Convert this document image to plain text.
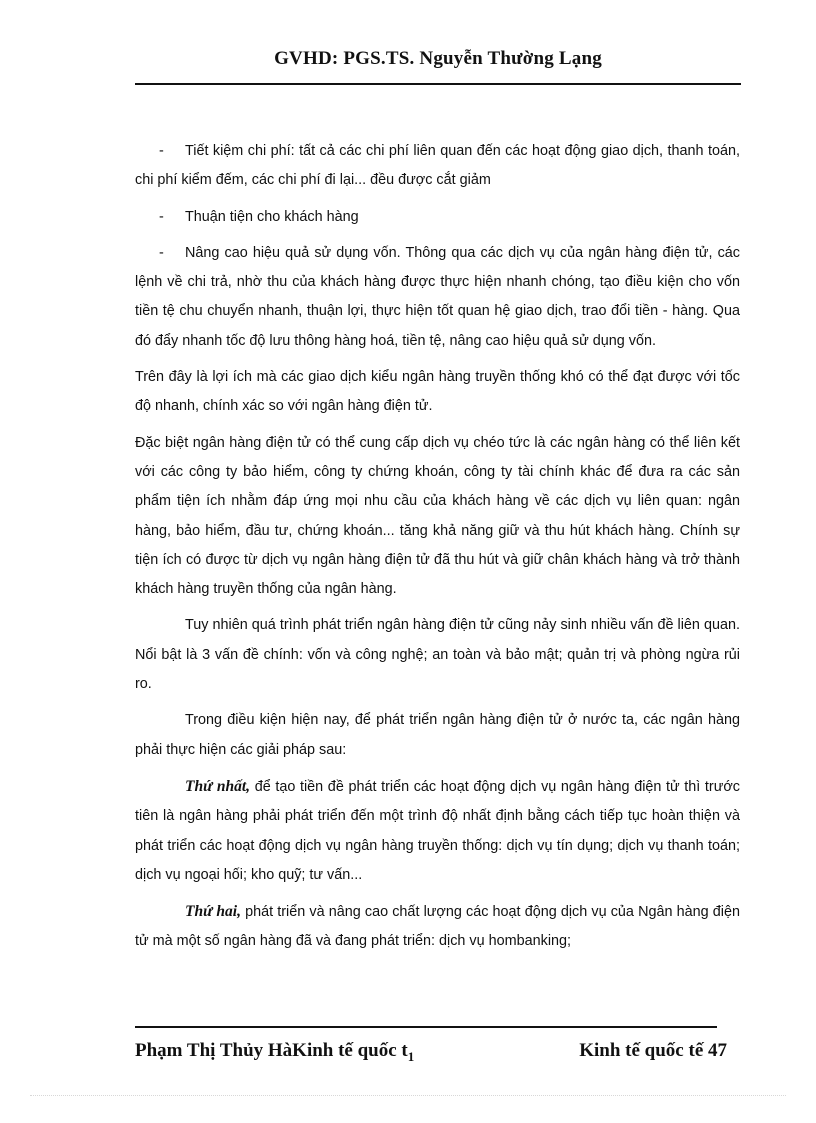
GVHD: PGS.TS. Nguyễn Thường Lạng

- Tiết kiệm chi phí: tất cả các chi phí liên quan đến các hoạt động giao dịch, thanh toán, chi phí kiểm đếm, các chi phí đi lại... đều được cắt giảm

- Thuận tiện cho khách hàng

- Nâng cao hiệu quả sử dụng vốn. Thông qua các dịch vụ của ngân hàng điện tử, các lệnh về chi trả, nhờ thu của khách hàng được thực hiện nhanh chóng, tạo điều kiện cho vốn tiền tệ chu chuyển nhanh, thuận lợi, thực hiện tốt quan hệ giao dịch, trao đổi tiền - hàng. Qua đó đẩy nhanh tốc độ lưu thông hàng hoá, tiền tệ, nâng cao hiệu quả sử dụng vốn.

Trên đây là lợi ích mà các giao dịch kiểu ngân hàng truyền thống khó có thể đạt được với tốc độ nhanh, chính xác so với ngân hàng điện tử.

Đặc biệt ngân hàng điện tử có thể cung cấp dịch vụ chéo tức là các ngân hàng có thể liên kết với các công ty bảo hiểm, công ty chứng khoán, công ty tài chính khác để đưa ra các sản phẩm tiện ích nhằm đáp ứng mọi nhu cầu của khách hàng về các dịch vụ liên quan: ngân hàng, bảo hiểm, đầu tư, chứng khoán... tăng khả năng giữ và thu hút khách hàng. Chính sự tiện ích có được từ dịch vụ ngân hàng điện tử đã thu hút và giữ chân khách hàng và trở thành khách hàng truyền thống của ngân hàng.

Tuy nhiên quá trình phát triển ngân hàng điện tử cũng nảy sinh nhiều vấn đề liên quan. Nổi bật là 3 vấn đề chính: vốn và công nghệ; an toàn và bảo mật; quản trị và phòng ngừa rủi ro.

Trong điều kiện hiện nay, để phát triển ngân hàng điện tử ở nước ta, các ngân hàng phải thực hiện các giải pháp sau:

Thứ nhất, để tạo tiền đề phát triển các hoạt động dịch vụ ngân hàng điện tử thì trước tiên là ngân hàng phải phát triển đến một trình độ nhất định bằng cách tiếp tục hoàn thiện và phát triển các hoạt động dịch vụ ngân hàng truyền thống: dịch vụ tín dụng; dịch vụ thanh toán; dịch vụ ngoại hối; kho quỹ; tư vấn...

Thứ hai, phát triển và nâng cao chất lượng các hoạt động dịch vụ của Ngân hàng điện tử mà một số ngân hàng đã và đang phát triển: dịch vụ hombanking;

Phạm Thị Thủy HàKinh tế quốc $t_1$	Kinh tế quốc tế 47
